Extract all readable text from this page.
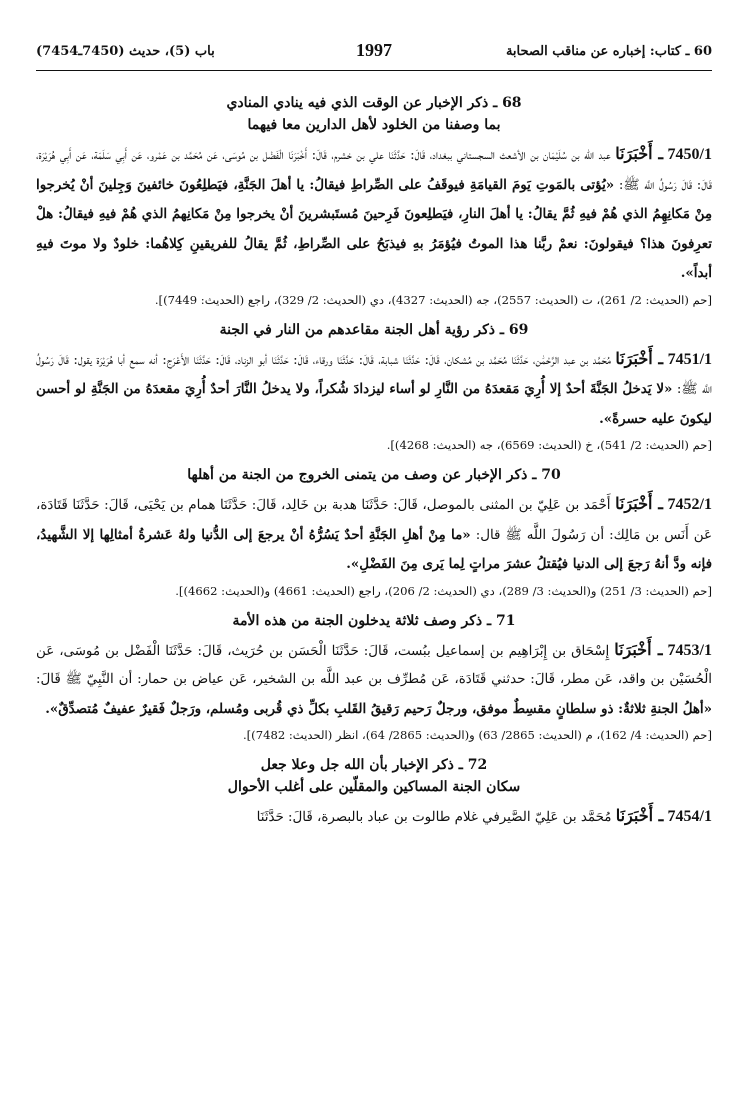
60 ـ كتاب: إخباره عن مناقب الصحابة
1997
باب (5)، حديث (7450ـ7454)
68 ـ ذكر الإخبار عن الوقت الذي فيه ينادي المنادي
بما وصفنا من الخلود لأهل الدارين معا فيهما

7450/1 ـ أَخْبَرَنَا عبد الله بن سُلَيْمَان بن الأشعث السجستاني ببغداد، قَالَ: حَدَّثَنَا علي بن خشرم، قَالَ: أَخْبَرَنَا الْفَضْل بن مُوسَى، عَن مُحَمَّد بن عَمْرو، عَن أَبِي سَلَمَة، عَن أَبِي هُرَيْرَة، قَالَ: قَالَ رَسُولُ اللَّه ﷺ: «يُؤتى بالمَوتِ يَومَ القيامَةِ فيوقَفُ على الصِّراطِ فيقالُ: يا أهلَ الجَنَّةِ، فيَطلِعُونَ خائفينَ وَجِلينَ أنْ يُخرجوا مِنْ مَكانِهِمُ الذي هُمْ فيهِ ثُمَّ يقالُ: يا أهلَ النارِ، فيَطلِعونَ فَرِحينَ مُستَبشرينَ أنْ يخرجوا مِنْ مَكانِهمُ الذي هُمْ فيهِ فيقالُ: هلْ تعرِفونَ هذا؟ فيقولونَ: نعمْ ربَّنا هذا الموتُ فيُؤمَرُ بهِ فيذبَحُ على الصِّراطِ، ثُمَّ يقالُ للفريقينِ كِلاهُما: خلودٌ ولا موتَ فيهِ أبداً».

[حم (الحديث: 2/ 261)، ت (الحديث: 2557)، جه (الحديث: 4327)، دي (الحديث: 2/ 329)، راجع (الحديث: 7449)].

69 ـ ذكر رؤية أهل الجنة مقاعدهم من النار في الجنة

7451/1 ـ أَخْبَرَنَا مُحَمَّد بن عبد الرَّحْمَٰن، حَدَّثَنَا مُحَمَّد بن مُشكان، قَالَ: حَدَّثَنَا شبابة، قَالَ: حَدَّثَنَا ورقاء، قَالَ: حَدَّثَنَا أبو الزناد، قَالَ: حَدَّثَنَا الأَعْرَج: أنه سمع أبا هُرَيْرَة يقول: قَالَ رَسُولُ اللَّه ﷺ: «لا يَدخلُ الجَنَّةَ أحدٌ إلا أُرِيَ مَقعدَهُ من النَّارِ لو أساء ليزدادَ شُكراً، ولا يدخلُ النَّارَ أحدٌ أُرِيَ مقعدَهُ من الجَنَّةِ لو أحسن ليكونَ عليه حسرةً».

[حم (الحديث: 2/ 541)، خ (الحديث: 6569)، جه (الحديث: 4268)].

70 ـ ذكر الإخبار عن وصف من يتمنى الخروج من الجنة من أهلها

7452/1 ـ أَخْبَرَنَا أَحْمَد بن عَلِيّ بن المثنى بالموصل، قَالَ: حَدَّثَنَا هدبة بن خَالِد، قَالَ: حَدَّثَنَا همام بن يَحْيَى، قَالَ: حَدَّثَنَا قَتَادَة، عَن أَنَس بن مَالِك: أن رَسُولَ اللَّه ﷺ قال: «ما مِنْ أهلِ الجَنَّةِ أحدٌ يَسُرُّهُ أنْ يرجعَ إلى الدُّنيا ولهُ عَشرةُ أمثالِها إلا الشَّهيدُ، فإنه ودَّ أنهُ رَجعَ إلى الدنيا فيُقتلُ عشرَ مراتٍ لِما يَرى مِنَ الفَضْلِ».

[حم (الحديث: 3/ 251) و(الحديث: 3/ 289)، دي (الحديث: 2/ 206)، راجع (الحديث: 4661) و(الحديث: 4662)].

71 ـ ذكر وصف ثلاثة يدخلون الجنة من هذه الأمة

7453/1 ـ أَخْبَرَنَا إِسْحَاق بن إِبْرَاهِيم بن إسماعيل ببُست، قَالَ: حَدَّثَنَا الْحَسَن بن حُرَيث، قَالَ: حَدَّثَنَا الْفَضْل بن مُوسَى، عَن الْحُسَيْن بن واقد، عَن مطر، قَالَ: حدثني قَتَادَة، عَن مُطرِّف بن عبد اللَّه بن الشخير، عَن عياض بن حمار: أن النَّبِيّ ﷺ قَالَ: «أهلُ الجنةِ ثلاثةٌ: ذو سلطانٍ مقسِطٌ موفق، ورجلٌ رَحيم رَقيقُ القَلبِ بكلِّ ذي قُربى ومُسلم، ورَجلٌ فَقيرٌ عفيفٌ مُتصدِّقٌ».

[حم (الحديث: 4/ 162)، م (الحديث: 2865/ 63) و(الحديث: 2865/ 64)، انظر (الحديث: 7482)].

72 ـ ذكر الإخبار بأن الله جل وعلا جعل
سكان الجنة المساكين والمقلّين على أغلب الأحوال

7454/1 ـ أَخْبَرَنَا مُحَمَّد بن عَلِيّ الصَّيرفي غلام طالوت بن عباد بالبصرة، قَالَ: حَدَّثَنَا
